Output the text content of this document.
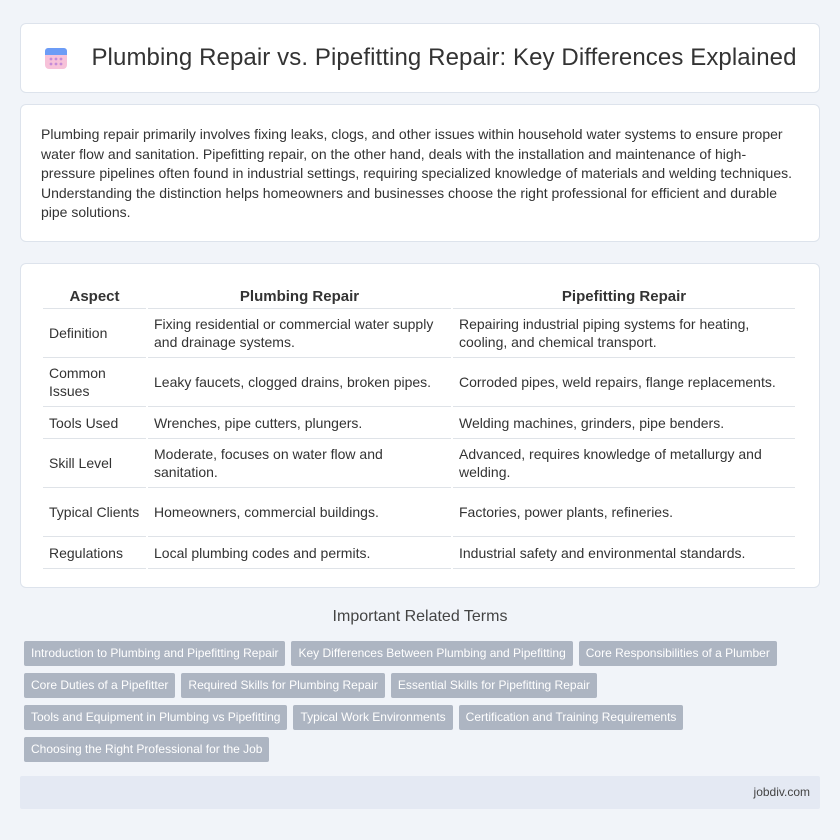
Plumbing Repair vs. Pipefitting Repair: Key Differences Explained

Plumbing repair primarily involves fixing leaks, clogs, and other issues within household water systems to ensure proper water flow and sanitation. Pipefitting repair, on the other hand, deals with the installation and maintenance of high-pressure pipelines often found in industrial settings, requiring specialized knowledge of materials and welding techniques. Understanding the distinction helps homeowners and businesses choose the right professional for efficient and durable pipe solutions.

Aspect	Plumbing Repair	Pipefitting Repair
Definition	Fixing residential or commercial water supply and drainage systems.	Repairing industrial piping systems for heating, cooling, and chemical transport.
Common Issues	Leaky faucets, clogged drains, broken pipes.	Corroded pipes, weld repairs, flange replacements.
Tools Used	Wrenches, pipe cutters, plungers.	Welding machines, grinders, pipe benders.
Skill Level	Moderate, focuses on water flow and sanitation.	Advanced, requires knowledge of metallurgy and welding.
Typical Clients	Homeowners, commercial buildings.	Factories, power plants, refineries.
Regulations	Local plumbing codes and permits.	Industrial safety and environmental standards.
Important Related Terms
Introduction to Plumbing and Pipefitting Repair Key Differences Between Plumbing and Pipefitting Core Responsibilities of a Plumber
Core Duties of a Pipefitter Required Skills for Plumbing Repair Essential Skills for Pipefitting Repair
Tools and Equipment in Plumbing vs Pipefitting Typical Work Environments Certification and Training Requirements
Choosing the Right Professional for the Job
jobdiv.com
